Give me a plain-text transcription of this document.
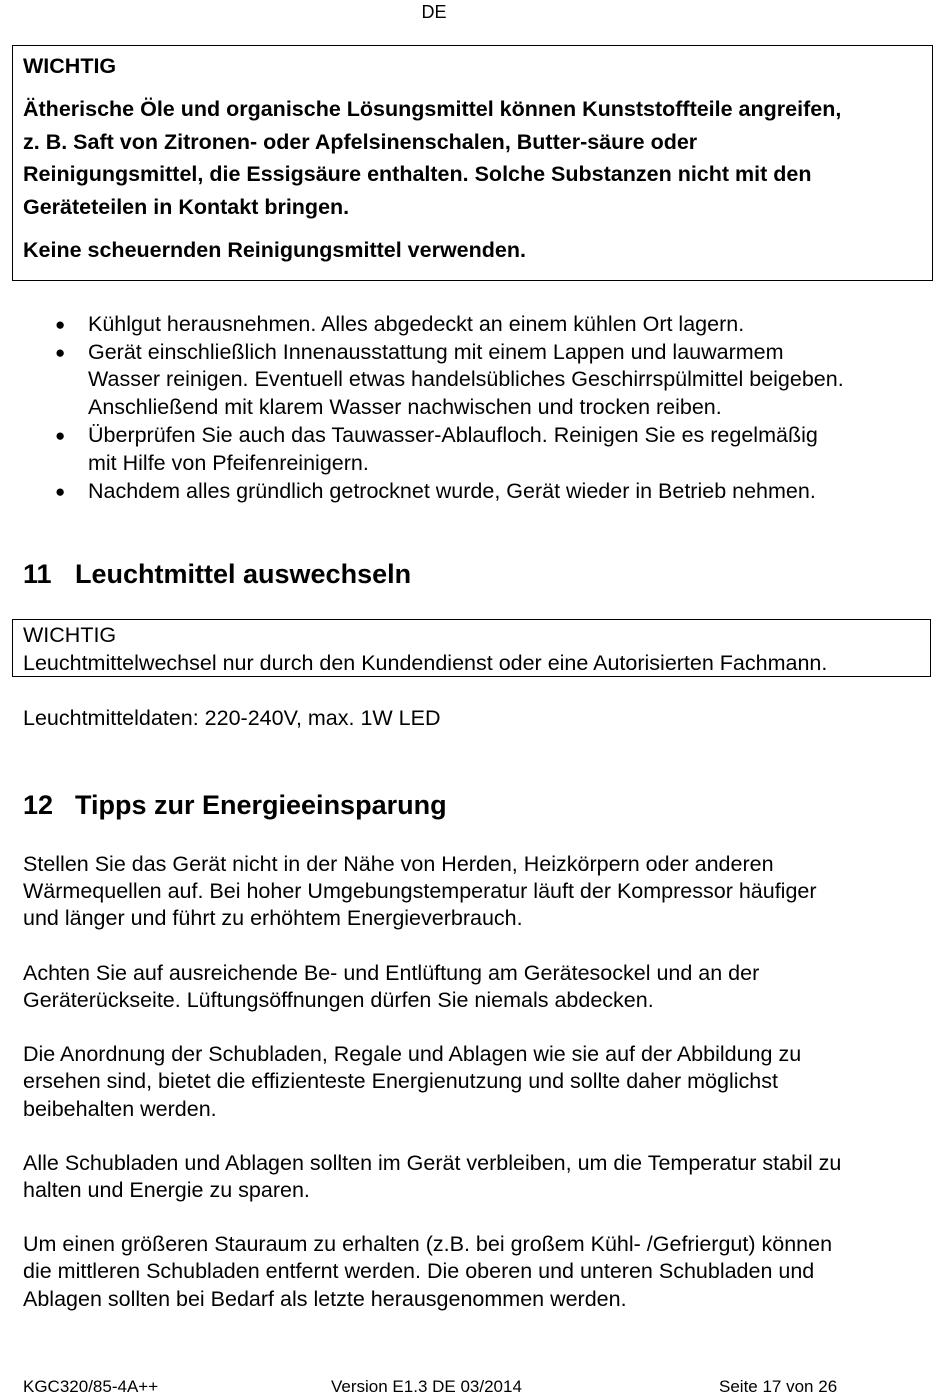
DE
WICHTIG
Ätherische Öle und organische Lösungsmittel können Kunststoffteile angreifen,
z. B. Saft von Zitronen- oder Apfelsinenschalen, Butter-säure oder
Reinigungsmittel, die Essigsäure enthalten. Solche Substanzen nicht mit den
Geräteteilen in Kontakt bringen.
Keine scheuernden Reinigungsmittel verwenden.
● Kühlgut herausnehmen. Alles abgedeckt an einem kühlen Ort lagern.
● Gerät einschließlich Innenausstattung mit einem Lappen und lauwarmem
Wasser reinigen. Eventuell etwas handelsübliches Geschirrspülmittel beigeben.
Anschließend mit klarem Wasser nachwischen und trocken reiben.
● Überprüfen Sie auch das Tauwasser-Ablaufloch. Reinigen Sie es regelmäßig
mit Hilfe von Pfeifenreinigern.
● Nachdem alles gründlich getrocknet wurde, Gerät wieder in Betrieb nehmen.
11 Leuchtmittel auswechseln
WICHTIG
Leuchtmittelwechsel nur durch den Kundendienst oder eine Autorisierten Fachmann.
Leuchtmitteldaten: 220-240V, max. 1W LED
12 Tipps zur Energieeinsparung
Stellen Sie das Gerät nicht in der Nähe von Herden, Heizkörpern oder anderen
Wärmequellen auf. Bei hoher Umgebungstemperatur läuft der Kompressor häufiger
und länger und führt zu erhöhtem Energieverbrauch.
Achten Sie auf ausreichende Be- und Entlüftung am Gerätesockel und an der
Geräterückseite. Lüftungsöffnungen dürfen Sie niemals abdecken.
Die Anordnung der Schubladen, Regale und Ablagen wie sie auf der Abbildung zu
ersehen sind, bietet die effizienteste Energienutzung und sollte daher möglichst
beibehalten werden.
Alle Schubladen und Ablagen sollten im Gerät verbleiben, um die Temperatur stabil zu
halten und Energie zu sparen.
Um einen größeren Stauraum zu erhalten (z.B. bei großem Kühl- /Gefriergut) können
die mittleren Schubladen entfernt werden. Die oberen und unteren Schubladen und
Ablagen sollten bei Bedarf als letzte herausgenommen werden.
KGC320/85-4A++	Version E1.3 DE 03/2014	Seite 17 von 26
